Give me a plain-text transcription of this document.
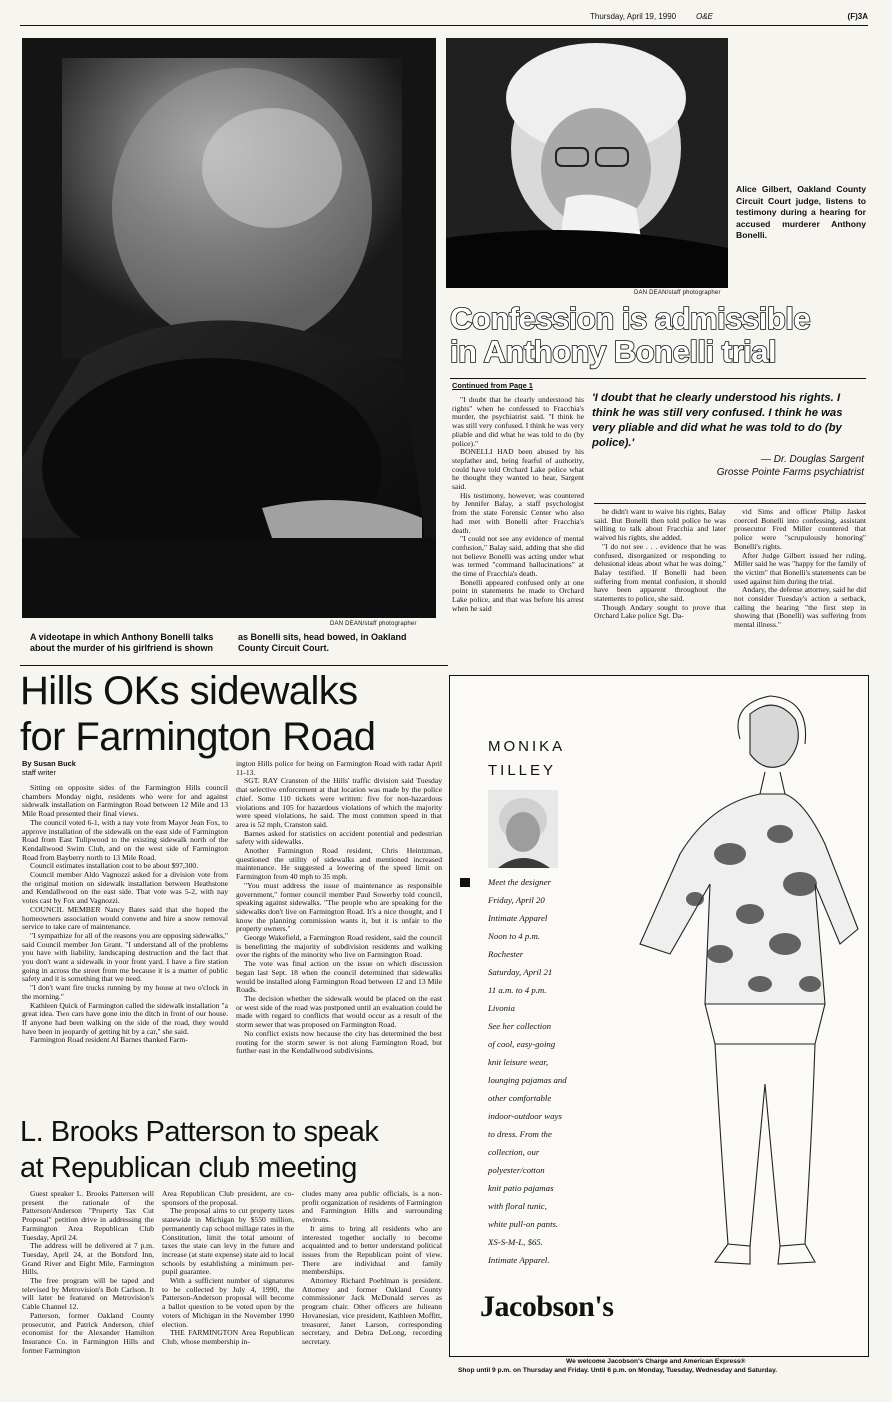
Thursday, April 19, 1990 O&E	(F)3A
DAN DEAN/staff photographer
A videotape in which Anthony Bonelli talks about the murder of his girlfriend is shown
as Bonelli sits, head bowed, in Oakland County Circuit Court.
Alice Gilbert, Oakland County Circuit Court judge, listens to testimony during a hearing for accused murderer Anthony Bonelli.
DAN DEAN/staff photographer
Confession is admissible
in Anthony Bonelli trial
Continued from Page 1
'I doubt that he clearly understood his rights. I think he was still very confused. I think he was very pliable and did what he was told to do (by police).'
— Dr. Douglas Sargent
Grosse Pointe Farms psychiatrist

"I doubt that he clearly understood his rights" when he confessed to Fracchia's murder, the psychiatrist said. "I think he was still very confused. I think he was very pliable and did what he was told to do (by police)."

BONELLI HAD been abused by his stepfather and, being fearful of authority, could have told Orchard Lake police what he thought they wanted to hear, Sargent said.

His testimony, however, was countered by Jennifer Balay, a staff psychologist from the state Forensic Center who also had met with Bonelli after Fracchia's death.

"I could not see any evidence of mental confusion," Balay said, adding that she did not believe Bonelli was acting under what was termed "command hallucinations" at the time of Fracchia's death.

Bonelli appeared confused only at one point in statements he made to Orchard Lake police, and that was before his arrest when he said

he didn't want to waive his rights, Balay said. But Bonelli then told police he was willing to talk about Fracchia and later waived his rights, she added.

"I do not see . . . evidence that he was confused, disorganized or responding to delusional ideas about what he was doing," Balay testified. If Bonelli had been suffering from mental confusion, it should have been apparent throughout the statements to police, she said.

Though Andary sought to prove that Orchard Lake police Sgt. Da-

vid Sims and officer Philip Jaskot coerced Bonelli into confessing, assistant prosecutor Fred Miller countered that police were "scrupulously honoring" Bonelli's rights.

After Judge Gilbert issued her ruling, Miller said he was "happy for the family of the victim" that Bonelli's statements can be used against him during the trial.

Andary, the defense attorney, said he did not consider Tuesday's action a setback, calling the hearing "the first step in showing that (Bonelli) was suffering from mental illness."

Hills OKs sidewalks
for Farmington Road
By Susan Buck
staff writer

Sitting on opposite sides of the Farmington Hills council chambers Monday night, residents who were for and against sidewalk installation on Farmington Road between 12 Mile and 13 Mile Road presented their final views.

The council voted 6-1, with a nay vote from Mayor Jean Fox, to approve installation of the sidewalk on the east side of Farmington Road from East Tulipwood to the existing sidewalk north of the Kendallwood Swim Club, and on the west side of Farmington Road from Bayberry north to 13 Mile Road.

Council estimates installation cost to be about $97,300.

Council member Aldo Vagnozzi asked for a division vote from the original motion on sidewalk installation between Heathstone and Kendallwood on the east side. That vote was 5-2, with nay votes cast by Fox and Vagnozzi.

COUNCIL MEMBER Nancy Bates said that she hoped the homeowners association would convene and hire a snow removal service to take care of maintenance.

"I sympathize for all of the reasons you are opposing sidewalks," said Council member Jon Grant. "I understand all of the problems you have with liability, landscaping destruction and the fact that you don't want a sidewalk in your front yard. I have a fire station going in across the street from me because it is a matter of public safety and it is something that we need.

"I don't want fire trucks running by my house at two o'clock in the morning."

Kathleen Quick of Farmington called the sidewalk installation "a great idea. Two cars have gone into the ditch in front of our house. If anyone had been walking on the side of the road, they would have been in jeopardy of getting hit by a car," she said.

Farmington Road resident Al Barnes thanked Farm-

ington Hills police for being on Farmington Road with radar April 11-13.

SGT. RAY Cranston of the Hills' traffic division said Tuesday that selective enforcement at that location was made by the police chief. Some 110 tickets were written: five for non-hazardous violations and 105 for hazardous violations of which the majority were speed violations, he said. The most common speed in that area is 52 mph, Cranston said.

Barnes asked for statistics on accident potential and pedestrian safety with sidewalks.

Another Farmington Road resident, Chris Heintzman, questioned the utility of sidewalks and mentioned increased maintenance. He suggested a lowering of the speed limit on Farmington from 40 mph to 35 mph.

"You must address the issue of maintenance as responsible government," former council member Paul Sowerby told council, speaking against sidewalks. "The people who are speaking for the sidewalks don't live on Farmington Road. It's a nice thought, and I know the planning commission wants it, but it is unfair to the property owners."

George Wakefield, a Farmington Road resident, said the council is benefitting the majority of subdivision residents and walking over the rights of the minority who live on Farmington Road.

The vote was final action on the issue on which discussion began last Sept. 18 when the council determined that sidewalks would be installed along Farmington Road between 12 and 13 Mile Roads.

The decision whether the sidewalk would be placed on the east or west side of the road was postponed until an evaluation could be made with regard to conflicts that would occur as a result of the storm sewer that was proposed on Farmington Road.

No conflict exists now because the city has determined the best routing for the storm sewer is not along Farmington Road, but further east in the Kendallwood subdivisions.

L. Brooks Patterson to speak
at Republican club meeting

Guest speaker L. Brooks Patterson will present the rationale of the Patterson/Anderson "Property Tax Cut Proposal" petition drive in addressing the Farmington Area Republican Club Tuesday, April 24.

The address will be delivered at 7 p.m. Tuesday, April 24, at the Botsford Inn, Grand River and Eight Mile, Farmington Hills.

The free program will be taped and televised by Metrovision's Bob Carlson. It will later be featured on Metrovision's Cable Channel 12.

Patterson, former Oakland County prosecutor, and Patrick Anderson, chief economist for the Alexander Hamilton Insurance Co. in Farmington Hills and former Farmington

Area Republican Club president, are co-sponsors of the proposal.

The proposal aims to cut property taxes statewide in Michigan by $550 million, permanently cap school millage rates in the Constitution, limit the total amount of taxes the state can levy in the future and increase (at state expense) state aid to local schools by establishing a minimum per-pupil guarantee.

With a sufficient number of signatures to be collected by July 4, 1990, the Patterson-Anderson proposal will become a ballot question to be voted upon by the voters of Michigan in the November 1990 election.

THE FARMINGTON Area Republican Club, whose membership in-

cludes many area public officials, is a non-profit organization of residents of Farmington and Farmington Hills and surrounding environs.

It aims to bring all residents who are interested together socially to become acquainted and to better understand political issues from the Republican point of view. There are individual and family memberships.

Attorney Richard Poehlman is president. Attorney and former Oakland County commissioner Jack McDonald serves as program chair. Other officers are Julieann Hovanesian, vice president, Kathleen Moffitt, treasurer, Janet Larson, corresponding secretary, and Debra DeLong, recording secretary.

MONIKA
TILLEY
Meet the designer
Friday, April 20
Intimate Apparel
Noon to 4 p.m.
Rochester
Saturday, April 21
11 a.m. to 4 p.m.
Livonia
See her collection
of cool, easy-going
knit leisure wear,
lounging pajamas and
other comfortable
indoor-outdoor ways
to dress. From the
collection, our
polyester/cotton
knit patio pajamas
with floral tunic,
white pull-on pants.
XS-S-M-L, $65.
Intimate Apparel.
Jacobson's
We welcome Jacobson's Charge and American Express®
Shop until 9 p.m. on Thursday and Friday. Until 6 p.m. on Monday, Tuesday, Wednesday and Saturday.
